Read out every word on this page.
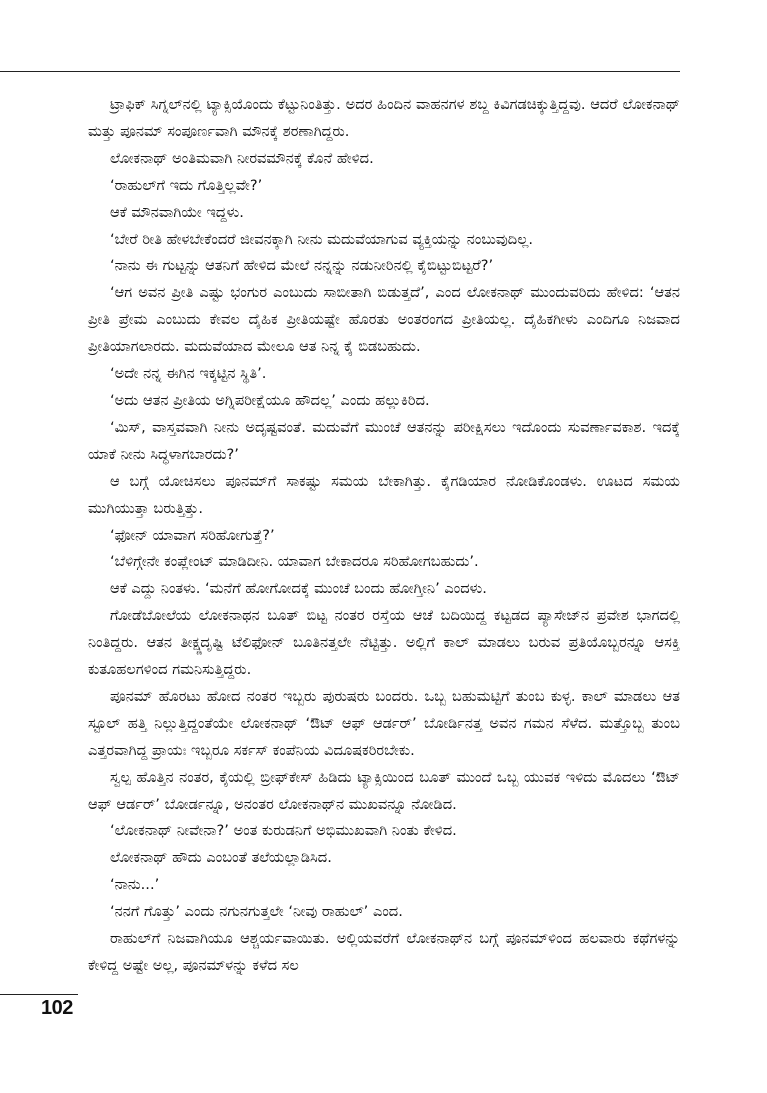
ಟ್ರಾಫಿಕ್ ಸಿಗ್ನಲ್‌ನಲ್ಲಿ ಟ್ಯಾಕ್ಸಿಯೊಂದು ಕೆಟ್ಟುನಿಂತಿತ್ತು. ಅದರ ಹಿಂದಿನ ವಾಹನಗಳ ಶಬ್ದ ಕಿವಿಗಡಚಿಕ್ಕುತ್ತಿದ್ದವು. ಆದರೆ ಲೋಕನಾಥ್ ಮತ್ತು ಪೂನಮ್ ಸಂಪೂರ್ಣವಾಗಿ ಮೌನಕ್ಕೆ ಶರಣಾಗಿದ್ದರು.

ಲೋಕನಾಥ್ ಅಂತಿಮವಾಗಿ ನೀರವಮೌನಕ್ಕೆ ಕೊನೆ ಹೇಳಿದ.

‘ರಾಹುಲ್‌ಗೆ ಇದು ಗೊತ್ತಿಲ್ಲವೇ?’

ಆಕೆ ಮೌನವಾಗಿಯೇ ಇದ್ದಳು.

‘ಬೇರೆ ರೀತಿ ಹೇಳಬೇಕೆಂದರೆ ಜೀವನಕ್ಕಾಗಿ ನೀನು ಮದುವೆಯಾಗುವ ವ್ಯಕ್ತಿಯನ್ನು ನಂಬುವುದಿಲ್ಲ.

‘ನಾನು ಈ ಗುಟ್ಟನ್ನು ಆತನಿಗೆ ಹೇಳಿದ ಮೇಲೆ ನನ್ನನ್ನು ನಡುನೀರಿನಲ್ಲಿ ಕೈಬಿಟ್ಟುಬಿಟ್ಟರೆ?’

‘ಆಗ ಅವನ ಪ್ರೀತಿ ಎಷ್ಟು ಭಂಗುರ ಎಂಬುದು ಸಾಬೀತಾಗಿ ಬಿಡುತ್ತದೆ’, ಎಂದ ಲೋಕನಾಥ್ ಮುಂದುವರಿದು ಹೇಳಿದ: ‘ಆತನ ಪ್ರೀತಿ ಪ್ರೇಮ ಎಂಬುದು ಕೇವಲ ದೈಹಿಕ ಪ್ರೀತಿಯಷ್ಟೇ ಹೊರತು ಅಂತರಂಗದ ಪ್ರೀತಿಯಲ್ಲ. ದೈಹಿಕಗೀಳು ಎಂದಿಗೂ ನಿಜವಾದ ಪ್ರೀತಿಯಾಗಲಾರದು. ಮದುವೆಯಾದ ಮೇಲೂ ಆತ ನಿನ್ನ ಕೈ ಬಿಡಬಹುದು.

‘ಅದೇ ನನ್ನ ಈಗಿನ ಇಕ್ಕಟ್ಟಿನ ಸ್ಥಿತಿ’.

‘ಅದು ಆತನ ಪ್ರೀತಿಯ ಅಗ್ನಿಪರೀಕ್ಷೆಯೂ ಹೌದಲ್ಲ’ ಎಂದು ಹಲ್ಲುಕಿರಿದ.

‘ಮಿಸ್, ವಾಸ್ತವವಾಗಿ ನೀನು ಅದೃಷ್ಟವಂತೆ. ಮದುವೆಗೆ ಮುಂಚೆ ಆತನನ್ನು ಪರೀಕ್ಷಿಸಲು ಇದೊಂದು ಸುವರ್ಣಾವಕಾಶ. ಇದಕ್ಕೆ ಯಾಕೆ ನೀನು ಸಿದ್ಧಳಾಗಬಾರದು?’

ಆ ಬಗ್ಗೆ ಯೋಚಿಸಲು ಪೂನಮ್‌ಗೆ ಸಾಕಷ್ಟು ಸಮಯ ಬೇಕಾಗಿತ್ತು. ಕೈಗಡಿಯಾರ ನೋಡಿಕೊಂಡಳು. ಊಟದ ಸಮಯ ಮುಗಿಯುತ್ತಾ ಬರುತ್ತಿತ್ತು.

‘ಫೋನ್ ಯಾವಾಗ ಸರಿಹೋಗುತ್ತೆ?’

‘ಬೆಳಿಗ್ಗೇನೇ ಕಂಪ್ಲೇಂಟ್ ಮಾಡಿದೀನಿ. ಯಾವಾಗ ಬೇಕಾದರೂ ಸರಿಹೋಗಬಹುದು’.

ಆಕೆ ಎದ್ದು ನಿಂತಳು. ‘ಮನೆಗೆ ಹೋಗೋದಕ್ಕೆ ಮುಂಚೆ ಬಂದು ಹೋಗ್ತೀನಿ’ ಎಂದಳು.

ಗೋಡೆಬೋಲೆಯ ಲೋಕನಾಥನ ಬೂತ್ ಬಿಟ್ಟ ನಂತರ ರಸ್ತೆಯ ಆಚೆ ಬದಿಯಿದ್ದ ಕಟ್ಟಡದ ಪ್ಯಾಸೇಜ್‌ನ ಪ್ರವೇಶ ಭಾಗದಲ್ಲಿ ನಿಂತಿದ್ದರು. ಆತನ ತೀಕ್ಷ್ಣದೃಷ್ಟಿ ಟೆಲಿಫೋನ್ ಬೂತಿನತ್ತಲೇ ನೆಟ್ಟಿತ್ತು. ಅಲ್ಲಿಗೆ ಕಾಲ್ ಮಾಡಲು ಬರುವ ಪ್ರತಿಯೊಬ್ಬರನ್ನೂ ಆಸಕ್ತಿ ಕುತೂಹಲಗಳಿಂದ ಗಮನಿಸುತ್ತಿದ್ದರು.

ಪೂನಮ್ ಹೊರಟು ಹೋದ ನಂತರ ಇಬ್ಬರು ಪುರುಷರು ಬಂದರು. ಒಬ್ಬ ಬಹುಮಟ್ಟಿಗೆ ತುಂಬ ಕುಳ್ಳ. ಕಾಲ್ ಮಾಡಲು ಆತ ಸ್ಟೂಲ್ ಹತ್ತಿ ನಿಲ್ಲುತ್ತಿದ್ದಂತೆಯೇ ಲೋಕನಾಥ್ ‘ಔಟ್ ಆಫ್ ಆರ್ಡರ್’ ಬೋರ್ಡಿನತ್ತ ಅವನ ಗಮನ ಸೆಳೆದ. ಮತ್ತೊಬ್ಬ ತುಂಬ ಎತ್ತರವಾಗಿದ್ದ ಪ್ರಾಯಃ ಇಬ್ಬರೂ ಸರ್ಕಸ್ ಕಂಪೆನಿಯ ವಿದೂಷಕರಿರಬೇಕು.

ಸ್ವಲ್ಪ ಹೊತ್ತಿನ ನಂತರ, ಕೈಯಲ್ಲಿ ಬ್ರೀಫ್‌ಕೇಸ್ ಹಿಡಿದು ಟ್ಯಾಕ್ಸಿಯಿಂದ ಬೂತ್ ಮುಂದೆ ಒಬ್ಬ ಯುವಕ ಇಳಿದು ಮೊದಲು ‘ಔಟ್ ಆಫ್ ಆರ್ಡರ್’ ಬೋರ್ಡನ್ನೂ, ಅನಂತರ ಲೋಕನಾಥ್‌ನ ಮುಖವನ್ನೂ ನೋಡಿದ.

‘ಲೋಕನಾಥ್ ನೀವೇನಾ?’ ಅಂತ ಕುರುಡನಿಗೆ ಅಭಿಮುಖವಾಗಿ ನಿಂತು ಕೇಳಿದ.

ಲೋಕನಾಥ್ ಹೌದು ಎಂಬಂತೆ ತಲೆಯಲ್ಲಾಡಿಸಿದ.

‘ನಾನು...’

‘ನನಗೆ ಗೊತ್ತು’ ಎಂದು ನಗುನಗುತ್ತಲೇ ‘ನೀವು ರಾಹುಲ್’ ಎಂದ.

ರಾಹುಲ್‌ಗೆ ನಿಜವಾಗಿಯೂ ಆಶ್ಚರ್ಯವಾಯಿತು. ಅಲ್ಲಿಯವರೆಗೆ ಲೋಕನಾಥ್‌ನ ಬಗ್ಗೆ ಪೂನಮ್‌ಳಿಂದ ಹಲವಾರು ಕಥೆಗಳನ್ನು ಕೇಳಿದ್ದ ಅಷ್ಟೇ ಅಲ್ಲ, ಪೂನಮ್‌ಳನ್ನು ಕಳೆದ ಸಲ

102
